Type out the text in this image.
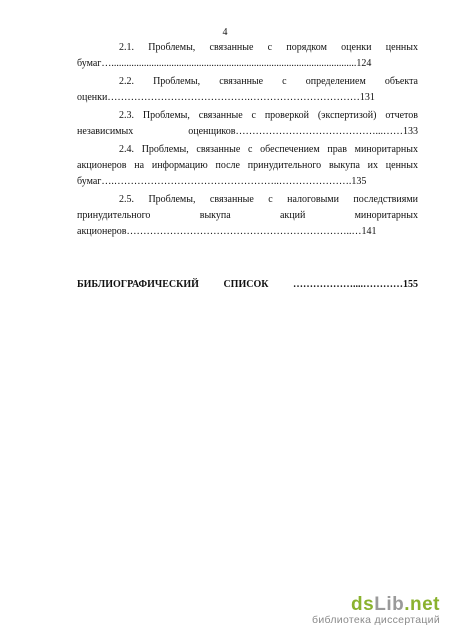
4
2.1. Проблемы, связанные с порядком оценки ценных
бумаг…..................................................................................................124
2.2. Проблемы, связанные с определением объекта
оценки…………………………………….……………………………131
2.3. Проблемы, связанные с проверкой (экспертизой) отчетов
независимых оценщиков……………………………………...……133
2.4. Проблемы, связанные с обеспечением прав миноритарных
акционеров на информацию после принудительного выкупа их ценных
бумаг….…………………………………………..………………….135
2.5. Проблемы, связанные с налоговыми последствиями
принудительного выкупа акций миноритарных
акционеров…………………………………………………………..…141
БИБЛИОГРАФИЧЕСКИЙ СПИСОК ………………....…………155
dsLib.net
библиотека диссертаций
